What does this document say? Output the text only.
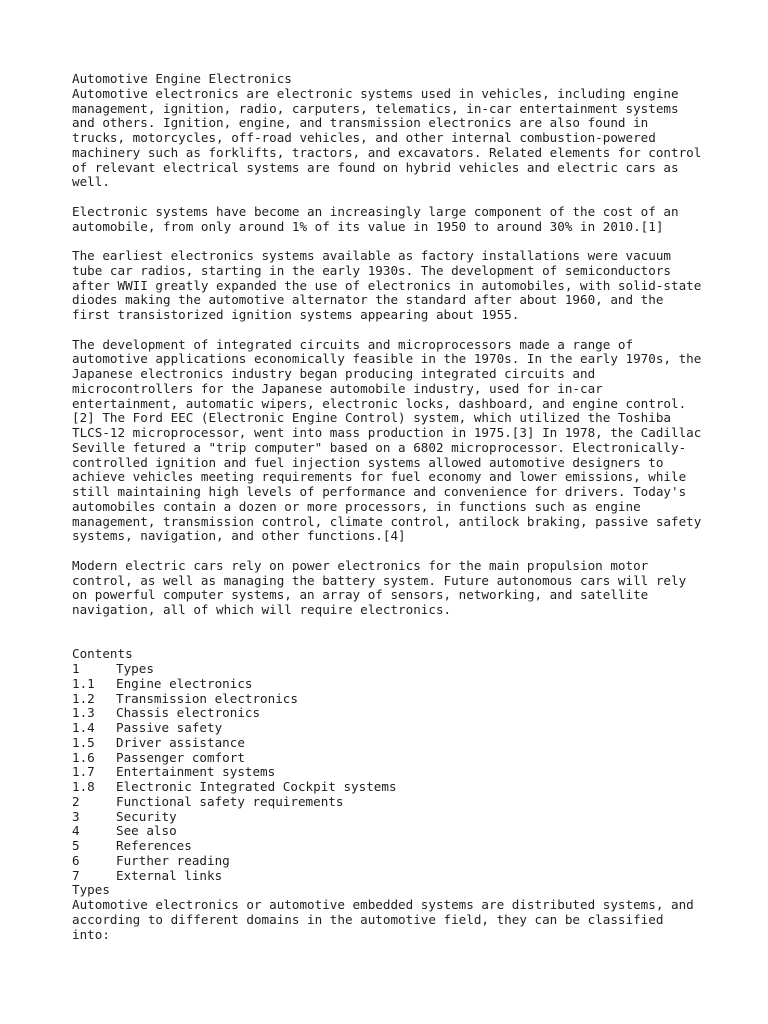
Automotive Engine Electronics
Automotive electronics are electronic systems used in vehicles, including engine
management, ignition, radio, carputers, telematics, in-car entertainment systems
and others. Ignition, engine, and transmission electronics are also found in
trucks, motorcycles, off-road vehicles, and other internal combustion-powered
machinery such as forklifts, tractors, and excavators. Related elements for control
of relevant electrical systems are found on hybrid vehicles and electric cars as
well.
Electronic systems have become an increasingly large component of the cost of an
automobile, from only around 1% of its value in 1950 to around 30% in 2010.[1]
The earliest electronics systems available as factory installations were vacuum
tube car radios, starting in the early 1930s. The development of semiconductors
after WWII greatly expanded the use of electronics in automobiles, with solid-state
diodes making the automotive alternator the standard after about 1960, and the
first transistorized ignition systems appearing about 1955.
The development of integrated circuits and microprocessors made a range of
automotive applications economically feasible in the 1970s. In the early 1970s, the
Japanese electronics industry began producing integrated circuits and
microcontrollers for the Japanese automobile industry, used for in-car
entertainment, automatic wipers, electronic locks, dashboard, and engine control.
[2] The Ford EEC (Electronic Engine Control) system, which utilized the Toshiba
TLCS-12 microprocessor, went into mass production in 1975.[3] In 1978, the Cadillac
Seville fetured a "trip computer" based on a 6802 microprocessor. Electronically-
controlled ignition and fuel injection systems allowed automotive designers to
achieve vehicles meeting requirements for fuel economy and lower emissions, while
still maintaining high levels of performance and convenience for drivers. Today's
automobiles contain a dozen or more processors, in functions such as engine
management, transmission control, climate control, antilock braking, passive safety
systems, navigation, and other functions.[4]
Modern electric cars rely on power electronics for the main propulsion motor
control, as well as managing the battery system. Future autonomous cars will rely
on powerful computer systems, an array of sensors, networking, and satellite
navigation, all of which will require electronics.
Contents
1	Types
1.1 Engine electronics
1.2 Transmission electronics
1.3 Chassis electronics
1.4 Passive safety
1.5 Driver assistance
1.6 Passenger comfort
1.7 Entertainment systems
1.8 Electronic Integrated Cockpit systems
2	Functional safety requirements
3	Security
4	See also
5	References
6	Further reading
7	External links
Types
Automotive electronics or automotive embedded systems are distributed systems, and
according to different domains in the automotive field, they can be classified
into:
